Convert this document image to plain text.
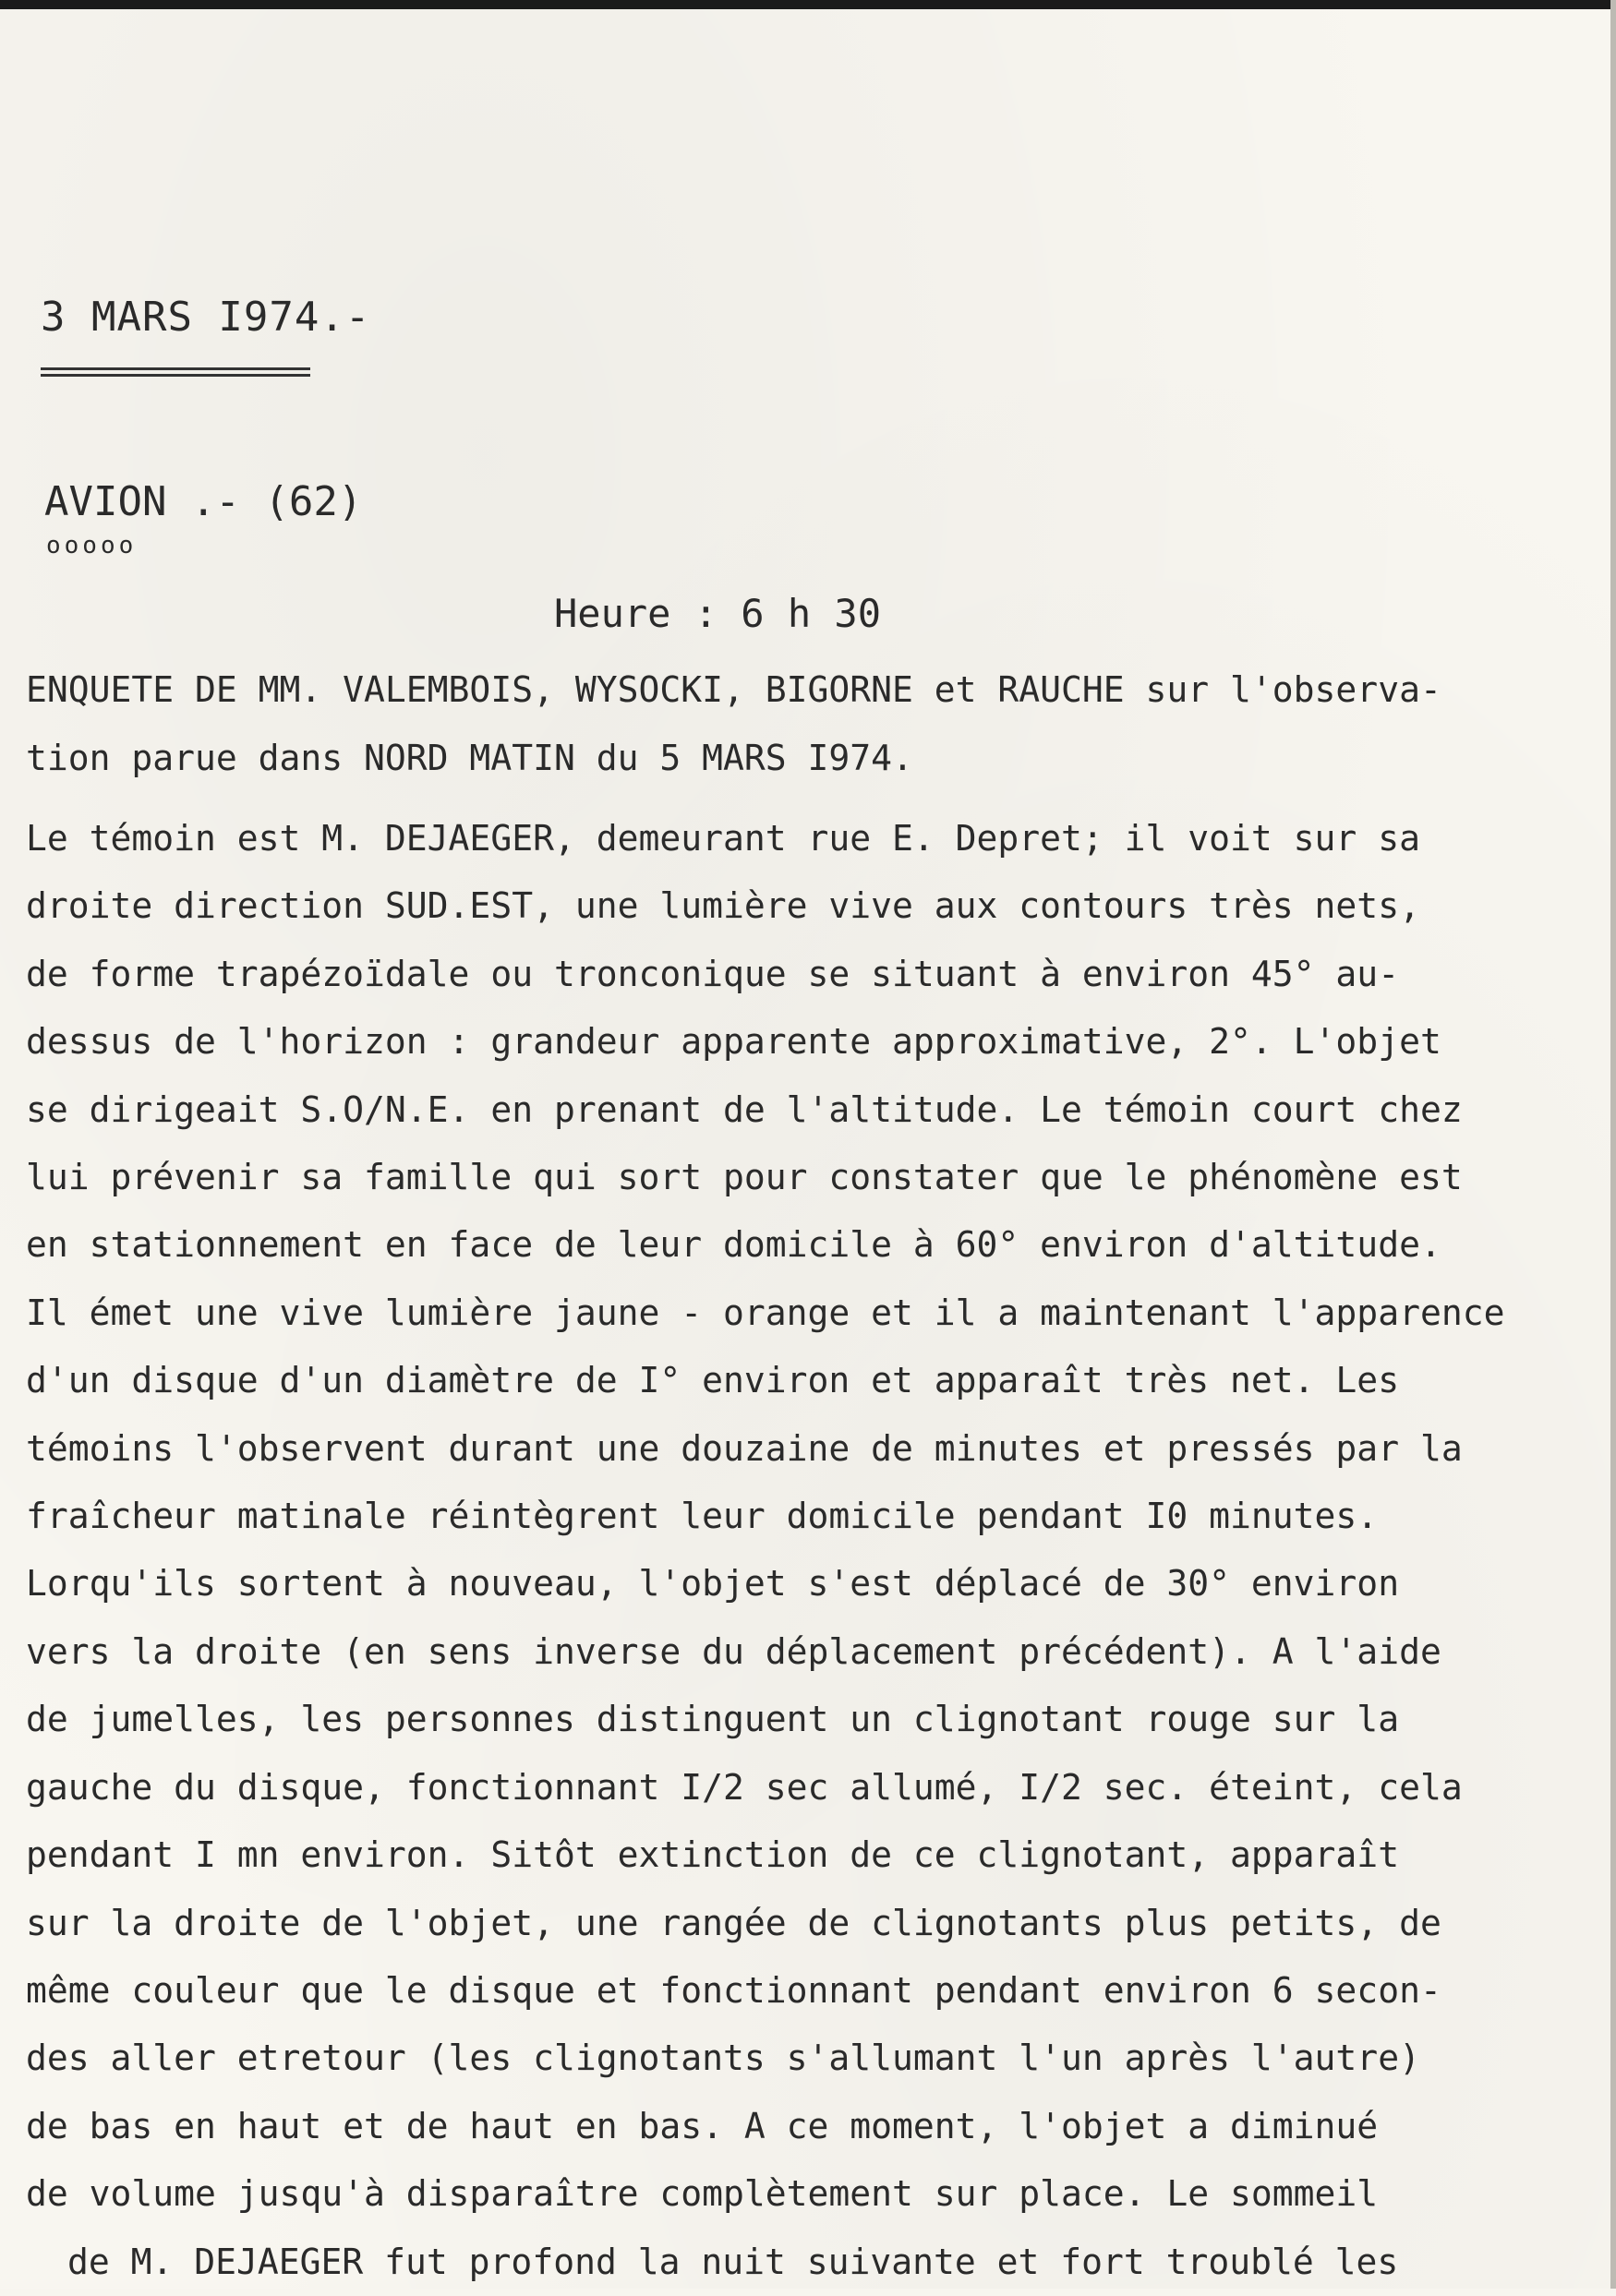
3 MARS I974.-
AVION .- (62)
ooooo
Heure : 6 h 30
ENQUETE DE MM. VALEMBOIS, WYSOCKI, BIGORNE et RAUCHE sur l'observa-
tion parue dans NORD MATIN du 5 MARS I974.
Le témoin est M. DEJAEGER, demeurant rue E. Depret; il voit sur sa
droite direction SUD.EST, une lumière vive aux contours très nets,
de forme trapézoïdale ou tronconique se situant à environ 45° au-
dessus de l'horizon : grandeur apparente approximative, 2°. L'objet
se dirigeait S.O/N.E. en prenant de l'altitude. Le témoin court chez
lui prévenir sa famille qui sort pour constater que le phénomène est
en stationnement en face de leur domicile à 60° environ d'altitude.
Il émet une vive lumière jaune - orange et il a maintenant l'apparence
d'un disque d'un diamètre de I° environ et apparaît très net. Les
témoins l'observent durant une douzaine de minutes et pressés par la
fraîcheur matinale réintègrent leur domicile pendant I0 minutes.
Lorqu'ils sortent à nouveau, l'objet s'est déplacé de 30° environ
vers la droite (en sens inverse du déplacement précédent). A l'aide
de jumelles, les personnes distinguent un clignotant rouge sur la
gauche du disque, fonctionnant I/2 sec allumé, I/2 sec. éteint, cela
pendant I mn environ. Sitôt extinction de ce clignotant, apparaît
sur la droite de l'objet, une rangée de clignotants plus petits, de
même couleur que le disque et fonctionnant pendant environ 6 secon-
des aller etretour (les clignotants s'allumant l'un après l'autre)
de bas en haut et de haut en bas. A ce moment, l'objet a diminué
de volume jusqu'à disparaître complètement sur place. Le sommeil
de M. DEJAEGER fut profond la nuit suivante et fort troublé les
